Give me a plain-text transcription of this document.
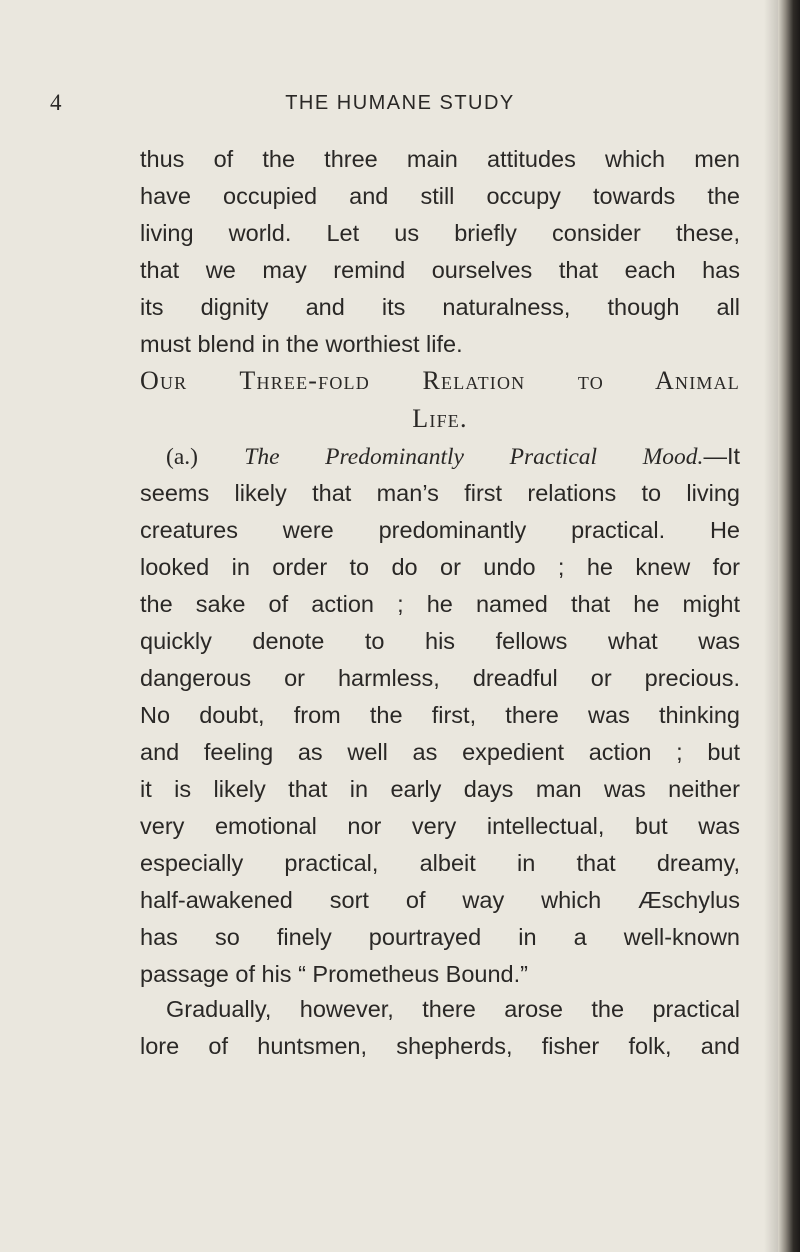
4	THE HUMANE STUDY
thus of the three main attitudes which men
have occupied and still occupy towards the
living world. Let us briefly consider these,
that we may remind ourselves that each has
its dignity and its naturalness, though all
must blend in the worthiest life.
Our Three-fold Relation to Animal
Life.
(a.) The Predominantly Practical Mood.—It
seems likely that man’s first relations to living
creatures were predominantly practical. He
looked in order to do or undo ; he knew for
the sake of action ; he named that he might
quickly denote to his fellows what was
dangerous or harmless, dreadful or precious.
No doubt, from the first, there was thinking
and feeling as well as expedient action ; but
it is likely that in early days man was neither
very emotional nor very intellectual, but was
especially practical, albeit in that dreamy,
half-awakened sort of way which Æschylus
has so finely pourtrayed in a well-known
passage of his “ Prometheus Bound.”
Gradually, however, there arose the practical
lore of huntsmen, shepherds, fisher folk, and
